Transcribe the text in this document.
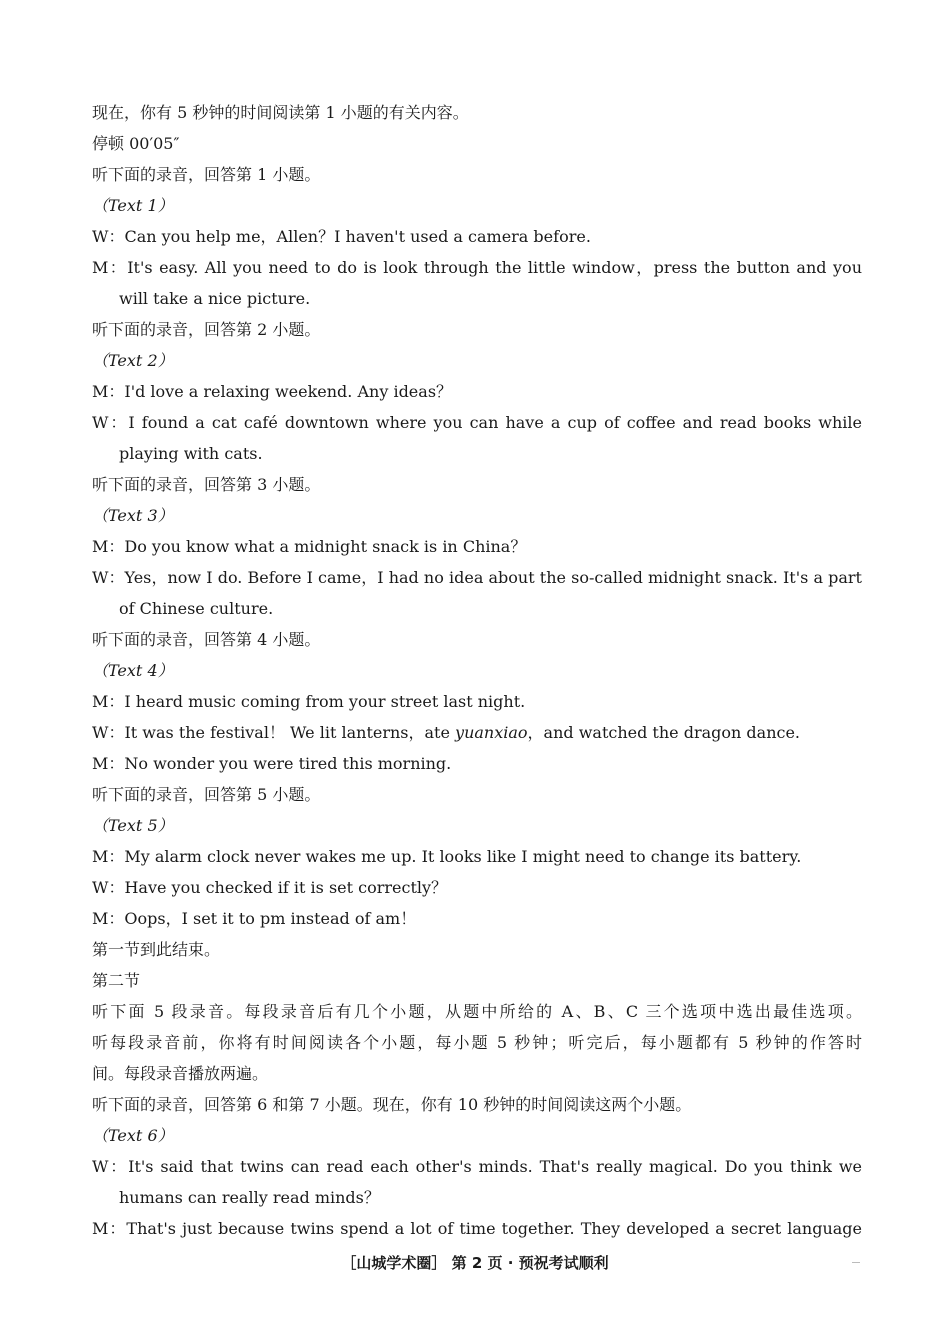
现在，你有 5 秒钟的时间阅读第 1 小题的有关内容。
停顿 00′05″
听下面的录音，回答第 1 小题。
（Text 1）
W：Can you help me，Allen？I haven't used a camera before.
M：It's easy. All you need to do is look through the little window，press the button and you
will take a nice picture.
听下面的录音，回答第 2 小题。
（Text 2）
M：I'd love a relaxing weekend. Any ideas？
W：I found a cat café downtown where you can have a cup of coffee and read books while
playing with cats.
听下面的录音，回答第 3 小题。
（Text 3）
M：Do you know what a midnight snack is in China？
W：Yes，now I do. Before I came，I had no idea about the so-called midnight snack. It's a part
of Chinese culture.
听下面的录音，回答第 4 小题。
（Text 4）
M：I heard music coming from your street last night.
W：It was the festival！ We lit lanterns，ate yuanxiao，and watched the dragon dance.
M：No wonder you were tired this morning.
听下面的录音，回答第 5 小题。
（Text 5）
M：My alarm clock never wakes me up. It looks like I might need to change its battery.
W：Have you checked if it is set correctly？
M：Oops，I set it to pm instead of am！
第一节到此结束。
第二节
听下面 5 段录音。每段录音后有几个小题，从题中所给的 A、B、C 三个选项中选出最佳选项。
听每段录音前，你将有时间阅读各个小题，每小题 5 秒钟；听完后，每小题都有 5 秒钟的作答时
间。每段录音播放两遍。
听下面的录音，回答第 6 和第 7 小题。现在，你有 10 秒钟的时间阅读这两个小题。
（Text 6）
W：It's said that twins can read each other's minds. That's really magical. Do you think we
humans can really read minds？
M：That's just because twins spend a lot of time together. They developed a secret language
［山城学术圈］ 第 2 页 · 预祝考试顺利
